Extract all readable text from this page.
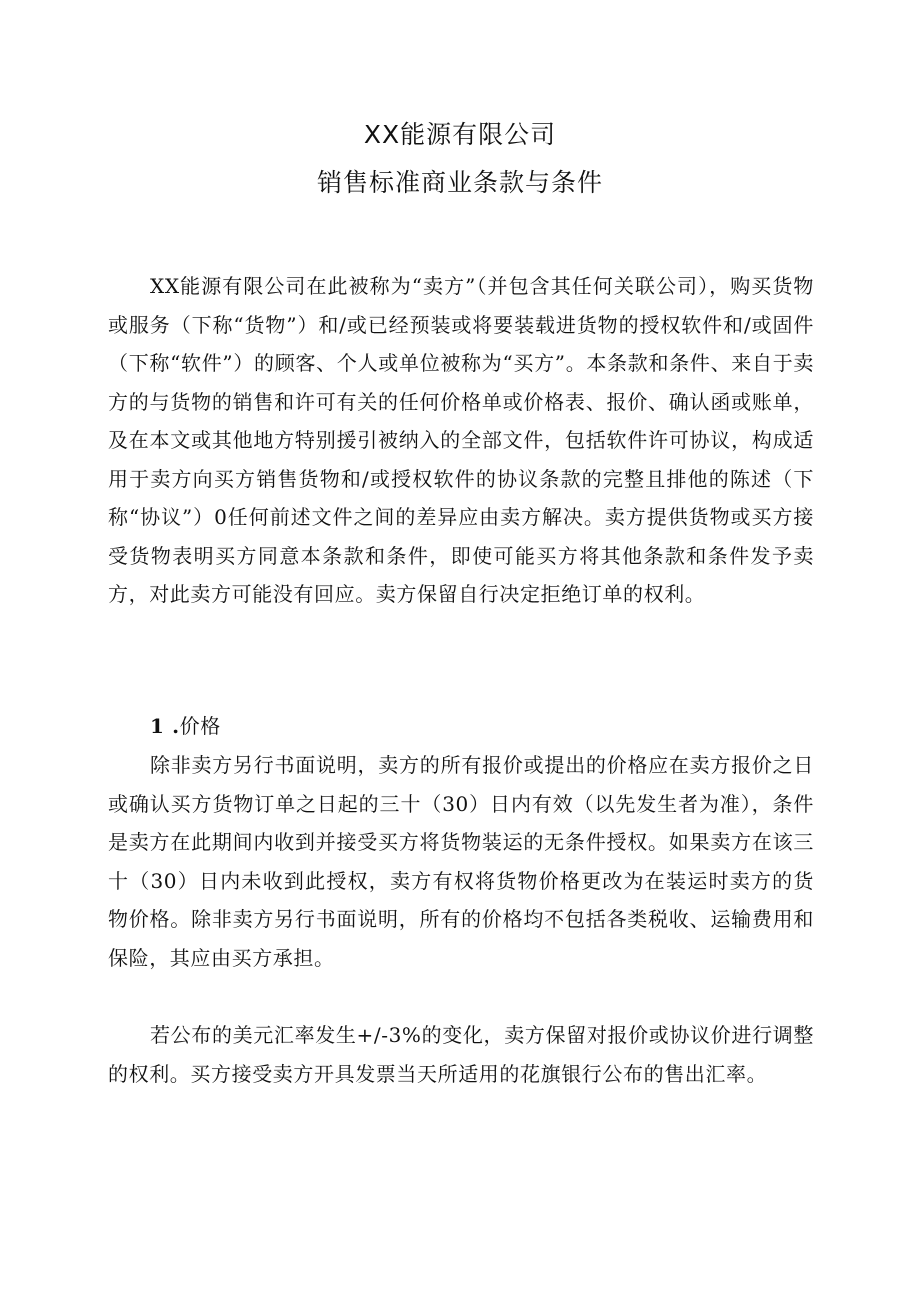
XX能源有限公司
销售标准商业条款与条件

XX能源有限公司在此被称为“卖方”（并包含其任何关联公司），购买货物或服务（下称“货物”）和/或已经预装或将要装载进货物的授权软件和/或固件（下称“软件”）的顾客、个人或单位被称为“买方”。本条款和条件、来自于卖方的与货物的销售和许可有关的任何价格单或价格表、报价、确认函或账单，及在本文或其他地方特别援引被纳入的全部文件，包括软件许可协议，构成适用于卖方向买方销售货物和/或授权软件的协议条款的完整且排他的陈述（下称“协议”）0任何前述文件之间的差异应由卖方解决。卖方提供货物或买方接受货物表明买方同意本条款和条件，即使可能买方将其他条款和条件发予卖方，对此卖方可能没有回应。卖方保留自行决定拒绝订单的权利。

1 .价格

除非卖方另行书面说明，卖方的所有报价或提出的价格应在卖方报价之日或确认买方货物订单之日起的三十（30）日内有效（以先发生者为准），条件是卖方在此期间内收到并接受买方将货物装运的无条件授权。如果卖方在该三十（30）日内未收到此授权，卖方有权将货物价格更改为在装运时卖方的货物价格。除非卖方另行书面说明，所有的价格均不包括各类税收、运输费用和保险，其应由买方承担。

若公布的美元汇率发生+/-3%的变化，卖方保留对报价或协议价进行调整的权利。买方接受卖方开具发票当天所适用的花旗银行公布的售出汇率。
